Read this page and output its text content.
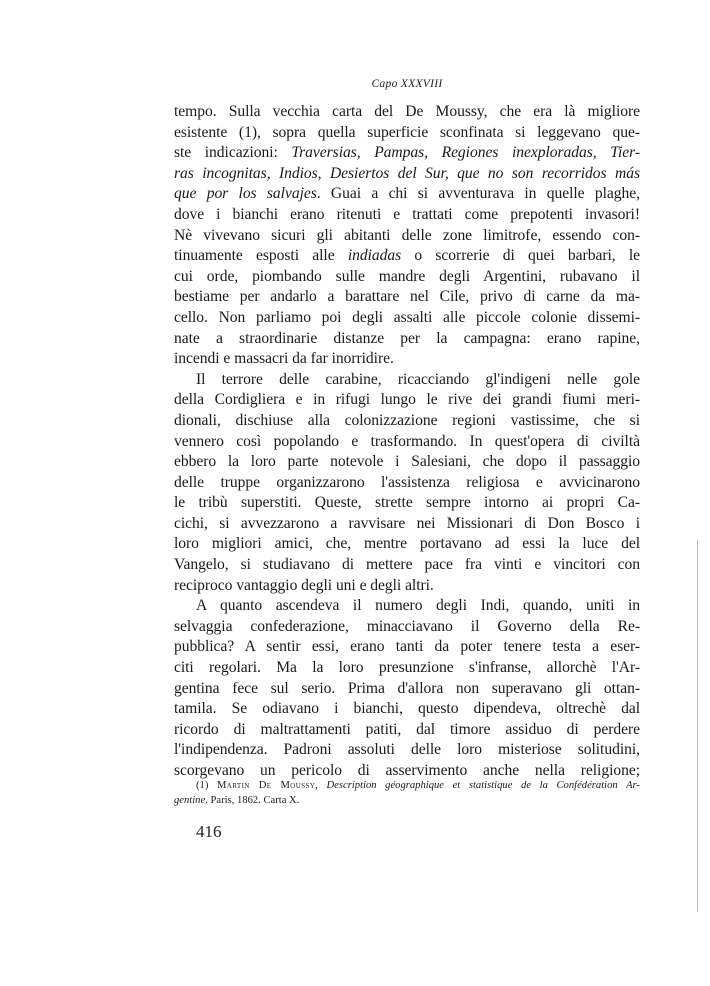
Capo XXXVIII
tempo. Sulla vecchia carta del De Moussy, che era là migliore
esistente (1), sopra quella superficie sconfinata si leggevano que-
ste indicazioni: Traversias, Pampas, Regiones inexploradas, Tier-
ras incognitas, Indios, Desiertos del Sur, que no son recorridos más
que por los salvajes. Guai a chi si avventurava in quelle plaghe,
dove i bianchi erano ritenuti e trattati come prepotenti invasori!
Nè vivevano sicuri gli abitanti delle zone limitrofe, essendo con-
tinuamente esposti alle indiadas o scorrerie di quei barbari, le
cui orde, piombando sulle mandre degli Argentini, rubavano il
bestiame per andarlo a barattare nel Cile, privo di carne da ma-
cello. Non parliamo poi degli assalti alle piccole colonie dissemi-
nate a straordinarie distanze per la campagna: erano rapine,
incendi e massacri da far inorridire.
Il terrore delle carabine, ricacciando gl'indigeni nelle gole
della Cordigliera e in rifugi lungo le rive dei grandi fiumi meri-
dionali, dischiuse alla colonizzazione regioni vastissime, che si
vennero così popolando e trasformando. In quest'opera di civiltà
ebbero la loro parte notevole i Salesiani, che dopo il passaggio
delle truppe organizzarono l'assistenza religiosa e avvicinarono
le tribù superstiti. Queste, strette sempre intorno ai propri Ca-
cichi, si avvezzarono a ravvisare nei Missionari di Don Bosco i
loro migliori amici, che, mentre portavano ad essi la luce del
Vangelo, si studiavano di mettere pace fra vinti e vincitori con
reciproco vantaggio degli uni e degli altri.
A quanto ascendeva il numero degli Indi, quando, uniti in
selvaggia confederazione, minacciavano il Governo della Re-
pubblica? A sentir essi, erano tanti da poter tenere testa a eser-
citi regolari. Ma la loro presunzione s'infranse, allorchè l'Ar-
gentina fece sul serio. Prima d'allora non superavano gli ottan-
tamila. Se odiavano i bianchi, questo dipendeva, oltrechè dal
ricordo di maltrattamenti patiti, dal timore assiduo di perdere
l'indipendenza. Padroni assoluti delle loro misteriose solitudini,
scorgevano un pericolo di asservimento anche nella religione;
(1) Martin De Moussy, Description géographique et statistique de la Confédération Ar-
gentine. Paris, 1862. Carta X.
416
